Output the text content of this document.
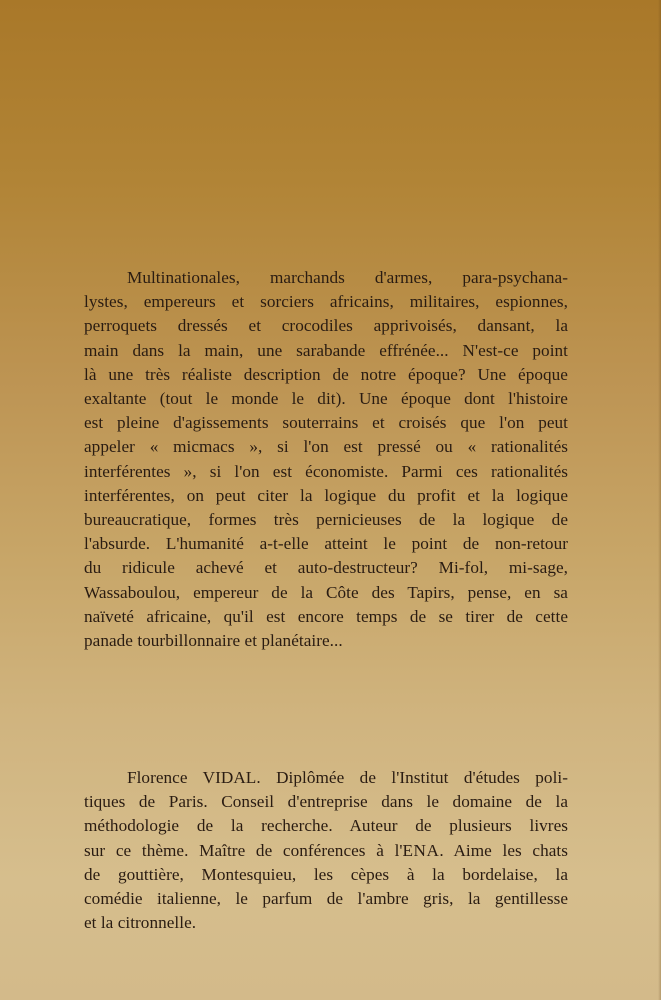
Multinationales, marchands d'armes, para-psychana-
lystes, empereurs et sorciers africains, militaires, espionnes,
perroquets dressés et crocodiles apprivoisés, dansant, la
main dans la main, une sarabande effrénée... N'est-ce point
là une très réaliste description de notre époque? Une époque
exaltante (tout le monde le dit). Une époque dont l'histoire
est pleine d'agissements souterrains et croisés que l'on peut
appeler « micmacs », si l'on est pressé ou « rationalités
interférentes », si l'on est économiste. Parmi ces rationalités
interférentes, on peut citer la logique du profit et la logique
bureaucratique, formes très pernicieuses de la logique de
l'absurde. L'humanité a-t-elle atteint le point de non-retour
du ridicule achevé et auto-destructeur? Mi-fol, mi-sage,
Wassaboulou, empereur de la Côte des Tapirs, pense, en sa
naïveté africaine, qu'il est encore temps de se tirer de cette
panade tourbillonnaire et planétaire...
Florence VIDAL. Diplômée de l'Institut d'études poli-
tiques de Paris. Conseil d'entreprise dans le domaine de la
méthodologie de la recherche. Auteur de plusieurs livres
sur ce thème. Maître de conférences à l'ENA. Aime les chats
de gouttière, Montesquieu, les cèpes à la bordelaise, la
comédie italienne, le parfum de l'ambre gris, la gentillesse
et la citronnelle.
